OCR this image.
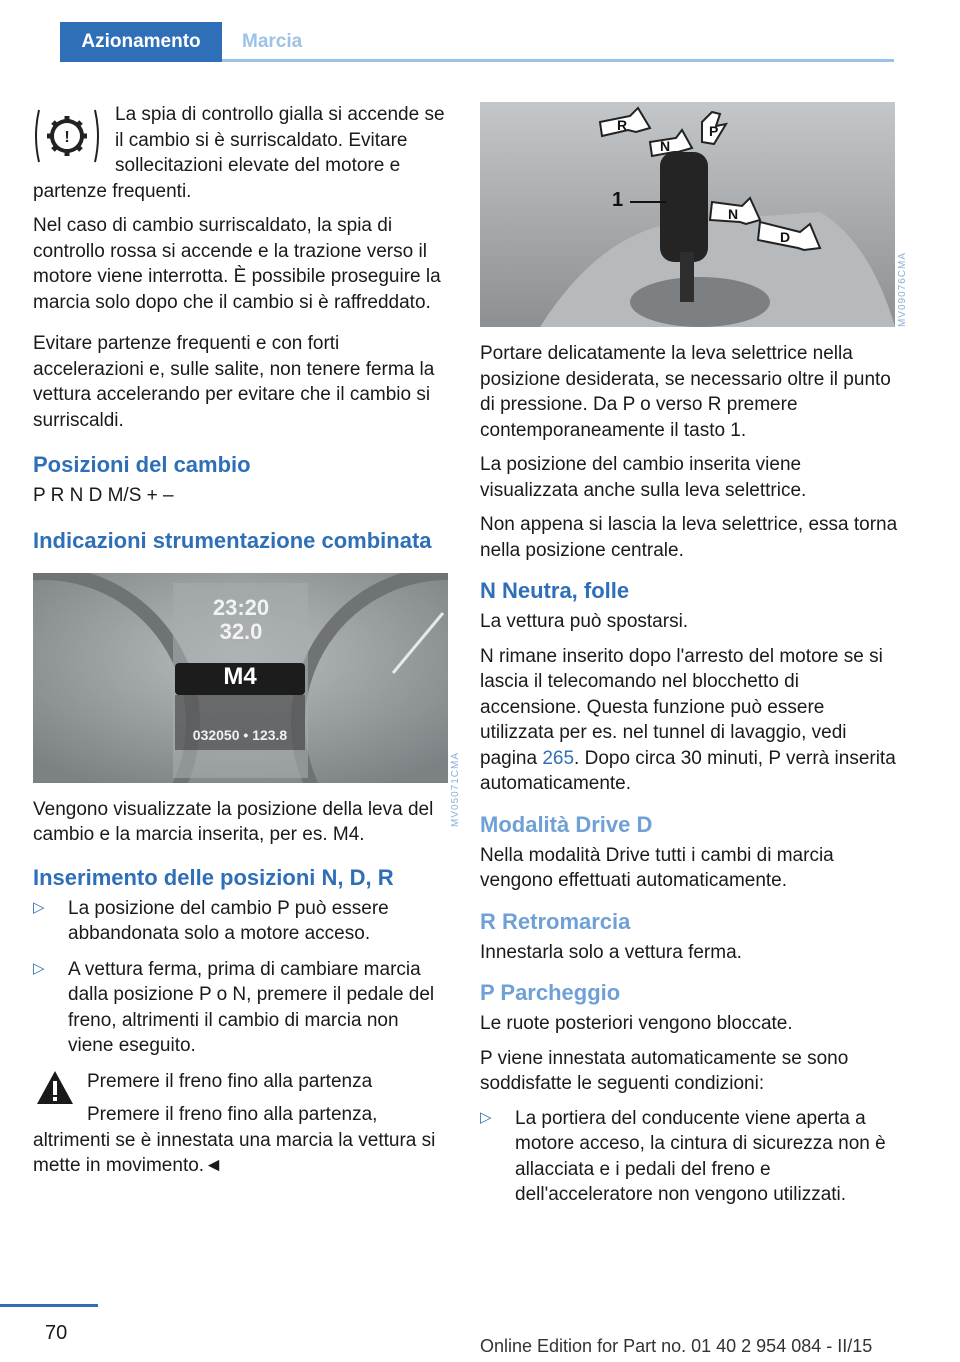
Azionamento	Marcia
!
La spia di controllo gialla si accende se il cambio si è surriscaldato. Evitare sollecitazioni elevate del motore e partenze frequenti.

Nel caso di cambio surriscaldato, la spia di controllo rossa si accende e la trazione verso il motore viene interrotta. È possibile proseguire la marcia solo dopo che il cambio si è raffreddato.

Evitare partenze frequenti e con forti accelerazioni e, sulle salite, non tenere ferma la vettura accelerando per evitare che il cambio si surriscaldi.

Posizioni del cambio

P R N D M/S + –

Indicazioni strumentazione combinata
23:20
32.0
M4
032050 • 123.8

Vengono visualizzate la posizione della leva del cambio e la marcia inserita, per es. M4.

Inserimento delle posizioni N, D, R
▷ La posizione del cambio P può essere abbandonata solo a motore acceso.
▷ A vettura ferma, prima di cambiare marcia dalla posizione P o N, premere il pedale del freno, altrimenti il cambio di marcia non viene eseguito.
Premere il freno fino alla partenza
Premere il freno fino alla partenza, altrimenti se è innestata una marcia la vettura si mette in movimento.◄
R
N
P
N
D
1

Portare delicatamente la leva selettrice nella posizione desiderata, se necessario oltre il punto di pressione. Da P o verso R premere contemporaneamente il tasto 1.

La posizione del cambio inserita viene visualizzata anche sulla leva selettrice.

Non appena si lascia la leva selettrice, essa torna nella posizione centrale.

N Neutra, folle

La vettura può spostarsi.

N rimane inserito dopo l'arresto del motore se si lascia il telecomando nel blocchetto di accensione. Questa funzione può essere utilizzata per es. nel tunnel di lavaggio, vedi pagina 265. Dopo circa 30 minuti, P verrà inserita automaticamente.

Modalità Drive D

Nella modalità Drive tutti i cambi di marcia vengono effettuati automaticamente.

R Retromarcia

Innestarla solo a vettura ferma.

P Parcheggio

Le ruote posteriori vengono bloccate.

P viene innestata automaticamente se sono soddisfatte le seguenti condizioni:

▷ La portiera del conducente viene aperta a motore acceso, la cintura di sicurezza non è allacciata e i pedali del freno e dell'acceleratore non vengono utilizzati.
MV05071CMA
MV09076CMA
70
Online Edition for Part no. 01 40 2 954 084 - II/15
